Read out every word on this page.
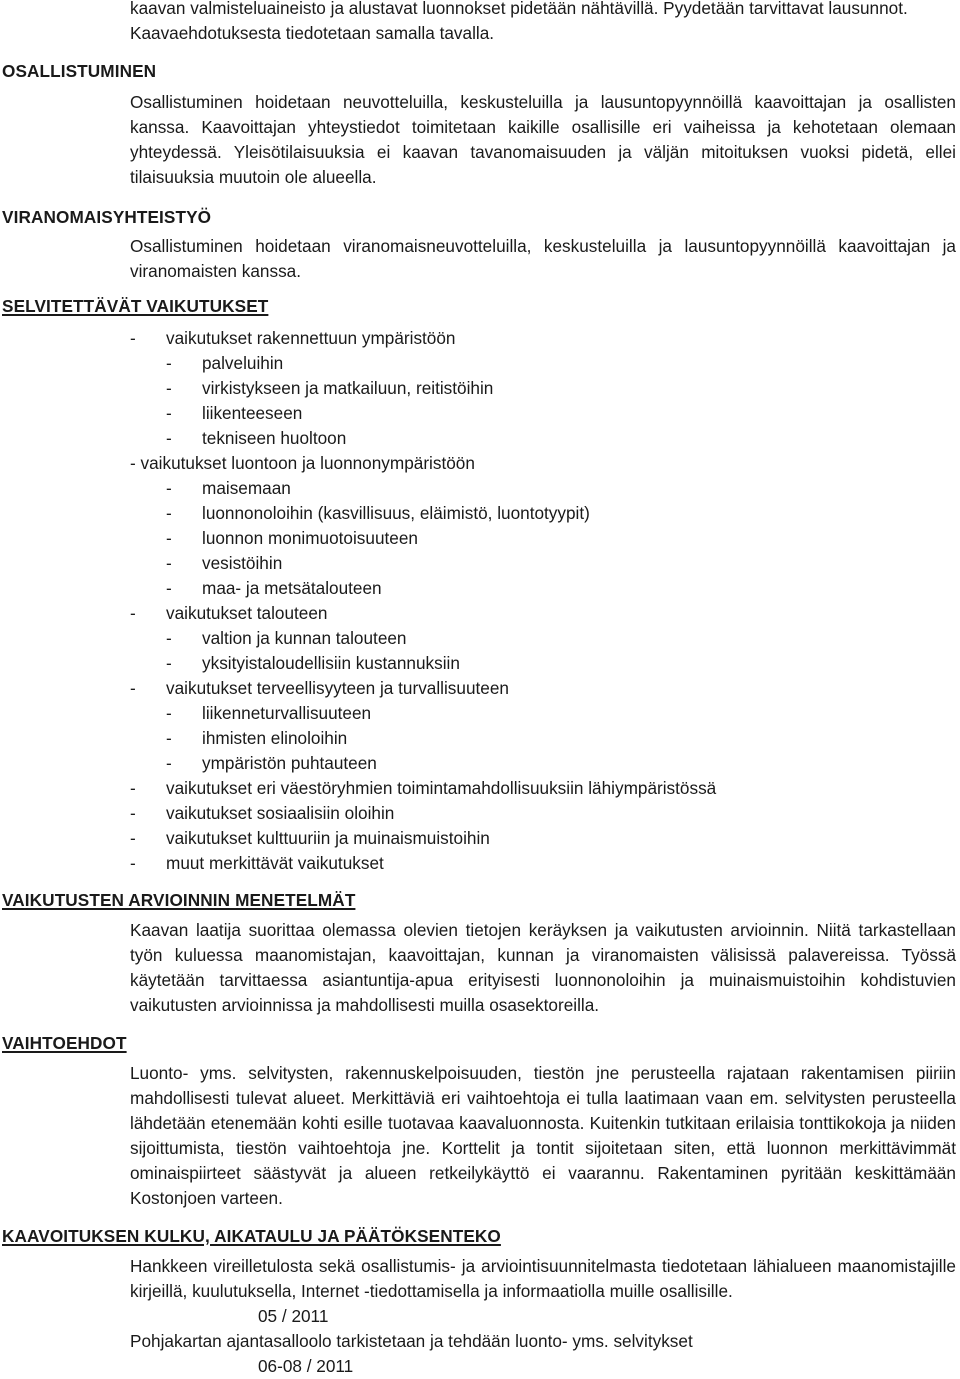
kaavan valmisteluaineisto ja alustavat luonnokset pidetään nähtävillä. Pyydetään tarvittavat lausunnot.
Kaavaehdotuksesta tiedotetaan samalla tavalla.
OSALLISTUMINEN

Osallistuminen hoidetaan neuvotteluilla, keskusteluilla ja lausuntopyynnöillä kaavoittajan ja osallisten kanssa. Kaavoittajan yhteystiedot toimitetaan kaikille osallisille eri vaiheissa ja kehotetaan olemaan yhteydessä. Yleisötilaisuuksia ei kaavan tavanomaisuuden ja väljän mitoituksen vuoksi pidetä, ellei tilaisuuksia muutoin ole alueella.

VIRANOMAISYHTEISTYÖ

Osallistuminen hoidetaan viranomaisneuvotteluilla, keskusteluilla ja lausuntopyynnöillä kaavoittajan ja viranomaisten kanssa.

SELVITETTÄVÄT VAIKUTUKSET
- vaikutukset rakennettuun ympäristöön
- palveluihin
- virkistykseen ja matkailuun, reitistöihin
- liikenteeseen
- tekniseen huoltoon
- vaikutukset luontoon ja luonnonympäristöön
- maisemaan
- luonnonoloihin (kasvillisuus, eläimistö, luontotyypit)
- luonnon monimuotoisuuteen
- vesistöihin
- maa- ja metsätalouteen
- vaikutukset talouteen
- valtion ja kunnan talouteen
- yksityistaloudellisiin kustannuksiin
- vaikutukset terveellisyyteen ja turvallisuuteen
- liikenneturvallisuuteen
- ihmisten elinoloihin
- ympäristön puhtauteen
- vaikutukset eri väestöryhmien toimintamahdollisuuksiin lähiympäristössä
- vaikutukset sosiaalisiin oloihin
- vaikutukset kulttuuriin ja muinaismuistoihin
- muut merkittävät vaikutukset
VAIKUTUSTEN ARVIOINNIN MENETELMÄT

Kaavan laatija suorittaa olemassa olevien tietojen keräyksen ja vaikutusten arvioinnin. Niitä tarkastellaan työn kuluessa maanomistajan, kaavoittajan, kunnan ja viranomaisten välisissä palavereissa. Työssä käytetään tarvittaessa asiantuntija-apua erityisesti luonnonoloihin ja muinaismuistoihin kohdistuvien vaikutusten arvioinnissa ja mahdollisesti muilla osasektoreilla.

VAIHTOEHDOT

Luonto- yms. selvitysten, rakennuskelpoisuuden, tiestön jne perusteella rajataan rakentamisen piiriin mahdollisesti tulevat alueet. Merkittäviä eri vaihtoehtoja ei tulla laatimaan vaan em. selvitysten perusteella lähdetään etenemään kohti esille tuotavaa kaavaluonnosta. Kuitenkin tutkitaan erilaisia tonttikokoja ja niiden sijoittumista, tiestön vaihtoehtoja jne. Korttelit ja tontit sijoitetaan siten, että luonnon merkittävimmät ominaispiirteet säästyvät ja alueen retkeilykäyttö ei vaarannu. Rakentaminen pyritään keskittämään Kostonjoen varteen.

KAAVOITUKSEN KULKU, AIKATAULU JA PÄÄTÖKSENTEKO

Hankkeen vireilletulosta sekä osallistumis- ja arviointisuunnitelmasta tiedotetaan lähialueen maanomistajille kirjeillä, kuulutuksella, Internet -tiedottamisella ja informaatiolla muille osallisille.

05 / 2011
Pohjakartan ajantasalloolo tarkistetaan ja tehdään luonto- yms. selvitykset
06-08 / 2011
